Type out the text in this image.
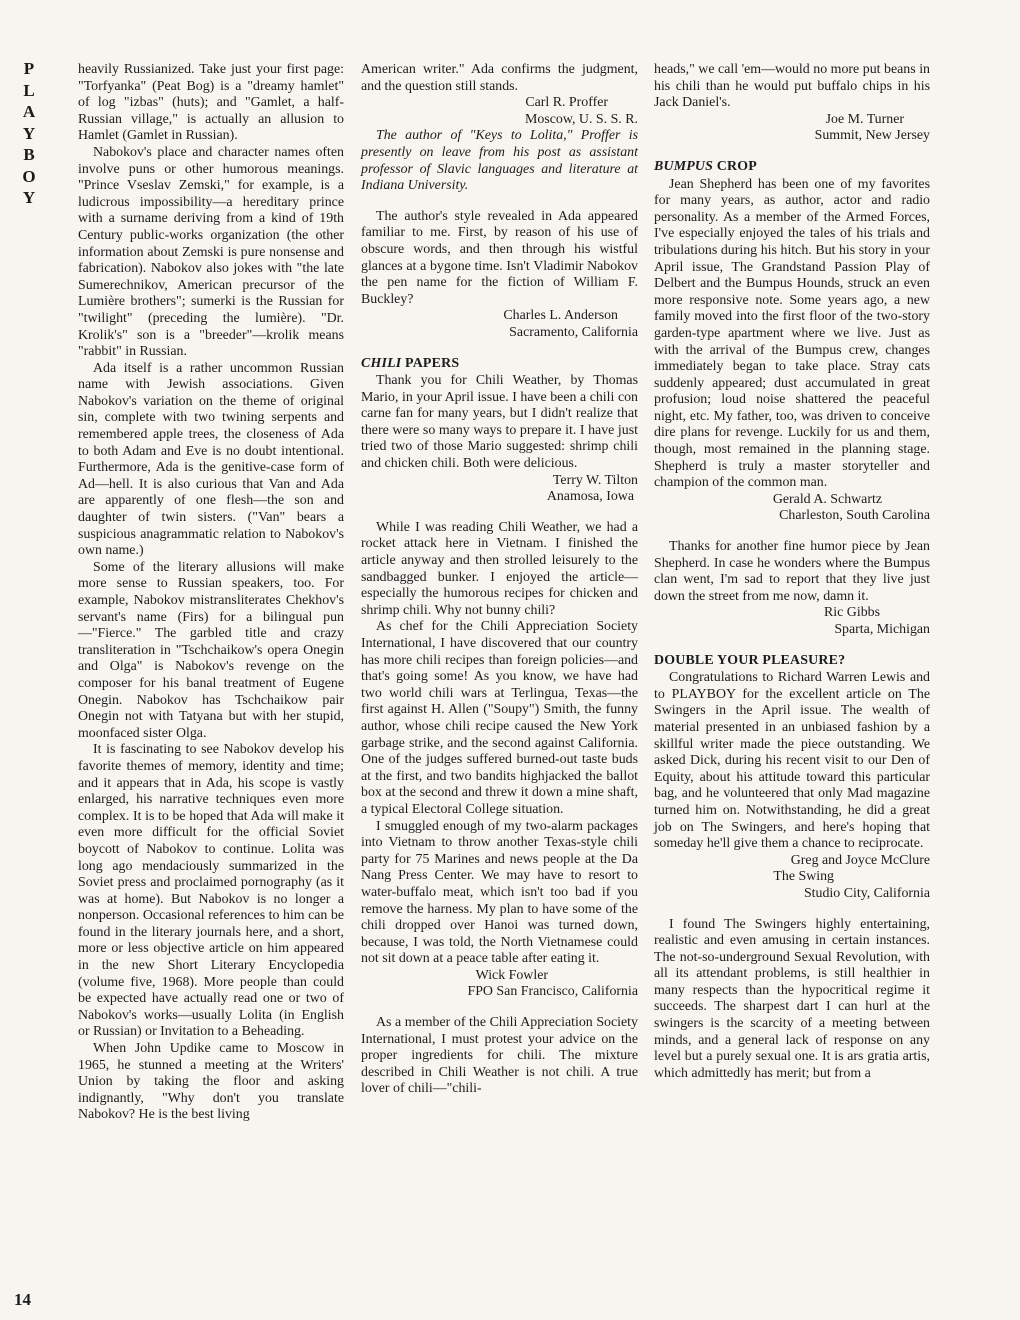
P
L
A
Y
B
O
Y
14

heavily Russianized. Take just your first page: "Torfyanka" (Peat Bog) is a "dreamy hamlet" of log "izbas" (huts); and "Gamlet, a half-Russian village," is actually an allusion to Hamlet (Gamlet in Russian).

Nabokov's place and character names often involve puns or other humorous meanings. "Prince Vseslav Zemski," for example, is a ludicrous impossibility—a hereditary prince with a surname deriving from a kind of 19th Century public-works organization (the other information about Zemski is pure nonsense and fabrication). Nabokov also jokes with "the late Sumerechnikov, American precursor of the Lumière brothers"; sumerki is the Russian for "twilight" (preceding the lumière). "Dr. Krolik's" son is a "breeder"—krolik means "rabbit" in Russian.

Ada itself is a rather uncommon Russian name with Jewish associations. Given Nabokov's variation on the theme of original sin, complete with two twining serpents and remembered apple trees, the closeness of Ada to both Adam and Eve is no doubt intentional. Furthermore, Ada is the genitive-case form of Ad—hell. It is also curious that Van and Ada are apparently of one flesh—the son and daughter of twin sisters. ("Van" bears a suspicious anagrammatic relation to Nabokov's own name.)

Some of the literary allusions will make more sense to Russian speakers, too. For example, Nabokov mistransliterates Chekhov's servant's name (Firs) for a bilingual pun—"Fierce." The garbled title and crazy transliteration in "Tschchaikow's opera Onegin and Olga" is Nabokov's revenge on the composer for his banal treatment of Eugene Onegin. Nabokov has Tschchaikow pair Onegin not with Tatyana but with her stupid, moonfaced sister Olga.

It is fascinating to see Nabokov develop his favorite themes of memory, identity and time; and it appears that in Ada, his scope is vastly enlarged, his narrative techniques even more complex. It is to be hoped that Ada will make it even more difficult for the official Soviet boycott of Nabokov to continue. Lolita was long ago mendaciously summarized in the Soviet press and proclaimed pornography (as it was at home). But Nabokov is no longer a nonperson. Occasional references to him can be found in the literary journals here, and a short, more or less objective article on him appeared in the new Short Literary Encyclopedia (volume five, 1968). More people than could be expected have actually read one or two of Nabokov's works—usually Lolita (in English or Russian) or Invitation to a Beheading.

When John Updike came to Moscow in 1965, he stunned a meeting at the Writers' Union by taking the floor and asking indignantly, "Why don't you translate Nabokov? He is the best living

American writer." Ada confirms the judgment, and the question still stands.

Carl R. Proffer

Moscow, U. S. S. R.

The author of "Keys to Lolita," Proffer is presently on leave from his post as assistant professor of Slavic languages and literature at Indiana University.

The author's style revealed in Ada appeared familiar to me. First, by reason of his use of obscure words, and then through his wistful glances at a bygone time. Isn't Vladimir Nabokov the pen name for the fiction of William F. Buckley?

Charles L. Anderson

Sacramento, California

CHILI PAPERS

Thank you for Chili Weather, by Thomas Mario, in your April issue. I have been a chili con carne fan for many years, but I didn't realize that there were so many ways to prepare it. I have just tried two of those Mario suggested: shrimp chili and chicken chili. Both were delicious.

Terry W. Tilton

Anamosa, Iowa

While I was reading Chili Weather, we had a rocket attack here in Vietnam. I finished the article anyway and then strolled leisurely to the sandbagged bunker. I enjoyed the article—especially the humorous recipes for chicken and shrimp chili. Why not bunny chili?

As chef for the Chili Appreciation Society International, I have discovered that our country has more chili recipes than foreign policies—and that's going some! As you know, we have had two world chili wars at Terlingua, Texas—the first against H. Allen ("Soupy") Smith, the funny author, whose chili recipe caused the New York garbage strike, and the second against California. One of the judges suffered burned-out taste buds at the first, and two bandits highjacked the ballot box at the second and threw it down a mine shaft, a typical Electoral College situation.

I smuggled enough of my two-alarm packages into Vietnam to throw another Texas-style chili party for 75 Marines and news people at the Da Nang Press Center. We may have to resort to water-buffalo meat, which isn't too bad if you remove the harness. My plan to have some of the chili dropped over Hanoi was turned down, because, I was told, the North Vietnamese could not sit down at a peace table after eating it.

Wick Fowler

FPO San Francisco, California

As a member of the Chili Appreciation Society International, I must protest your advice on the proper ingredients for chili. The mixture described in Chili Weather is not chili. A true lover of chili—"chili-

heads," we call 'em—would no more put beans in his chili than he would put buffalo chips in his Jack Daniel's.

Joe M. Turner

Summit, New Jersey

BUMPUS CROP

Jean Shepherd has been one of my favorites for many years, as author, actor and radio personality. As a member of the Armed Forces, I've especially enjoyed the tales of his trials and tribulations during his hitch. But his story in your April issue, The Grandstand Passion Play of Delbert and the Bumpus Hounds, struck an even more responsive note. Some years ago, a new family moved into the first floor of the two-story garden-type apartment where we live. Just as with the arrival of the Bumpus crew, changes immediately began to take place. Stray cats suddenly appeared; dust accumulated in great profusion; loud noise shattered the peaceful night, etc. My father, too, was driven to conceive dire plans for revenge. Luckily for us and them, though, most remained in the planning stage. Shepherd is truly a master storyteller and champion of the common man.

Gerald A. Schwartz

Charleston, South Carolina

Thanks for another fine humor piece by Jean Shepherd. In case he wonders where the Bumpus clan went, I'm sad to report that they live just down the street from me now, damn it.

Ric Gibbs

Sparta, Michigan

DOUBLE YOUR PLEASURE?

Congratulations to Richard Warren Lewis and to PLAYBOY for the excellent article on The Swingers in the April issue. The wealth of material presented in an unbiased fashion by a skillful writer made the piece outstanding. We asked Dick, during his recent visit to our Den of Equity, about his attitude toward this particular bag, and he volunteered that only Mad magazine turned him on. Notwithstanding, he did a great job on The Swingers, and here's hoping that someday he'll give them a chance to reciprocate.

Greg and Joyce McClure

The Swing

Studio City, California

I found The Swingers highly entertaining, realistic and even amusing in certain instances. The not-so-underground Sexual Revolution, with all its attendant problems, is still healthier in many respects than the hypocritical regime it succeeds. The sharpest dart I can hurl at the swingers is the scarcity of a meeting between minds, and a general lack of response on any level but a purely sexual one. It is ars gratia artis, which admittedly has merit; but from a
